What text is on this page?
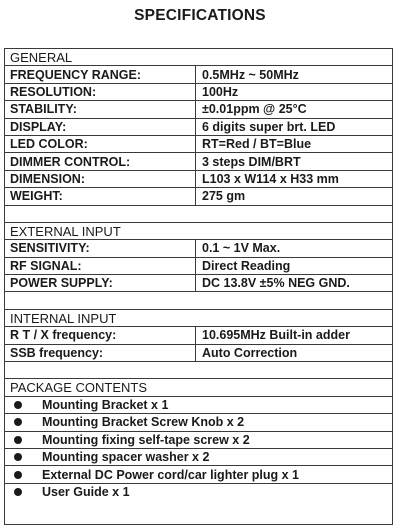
SPECIFICATIONS
GENERAL
FREQUENCY RANGE:	0.5MHz ~ 50MHz
RESOLUTION:	100Hz
STABILITY:	±0.01ppm @ 25°C
DISPLAY:	6 digits super brt. LED
LED COLOR:	RT=Red / BT=Blue
DIMMER CONTROL:	3 steps DIM/BRT
DIMENSION:	L103 x W114 x H33 mm
WEIGHT:	275 gm
EXTERNAL INPUT
SENSITIVITY:	0.1 ~ 1V Max.
RF SIGNAL:	Direct Reading
POWER SUPPLY:	DC 13.8V ±5% NEG GND.
INTERNAL INPUT
R T / X frequency:	10.695MHz Built-in adder
SSB frequency:	Auto Correction
PACKAGE CONTENTS
Mounting Bracket x 1
Mounting Bracket Screw Knob x 2
Mounting fixing self-tape screw x 2
Mounting spacer washer x 2
External DC Power cord/car lighter plug x 1
User Guide x 1
